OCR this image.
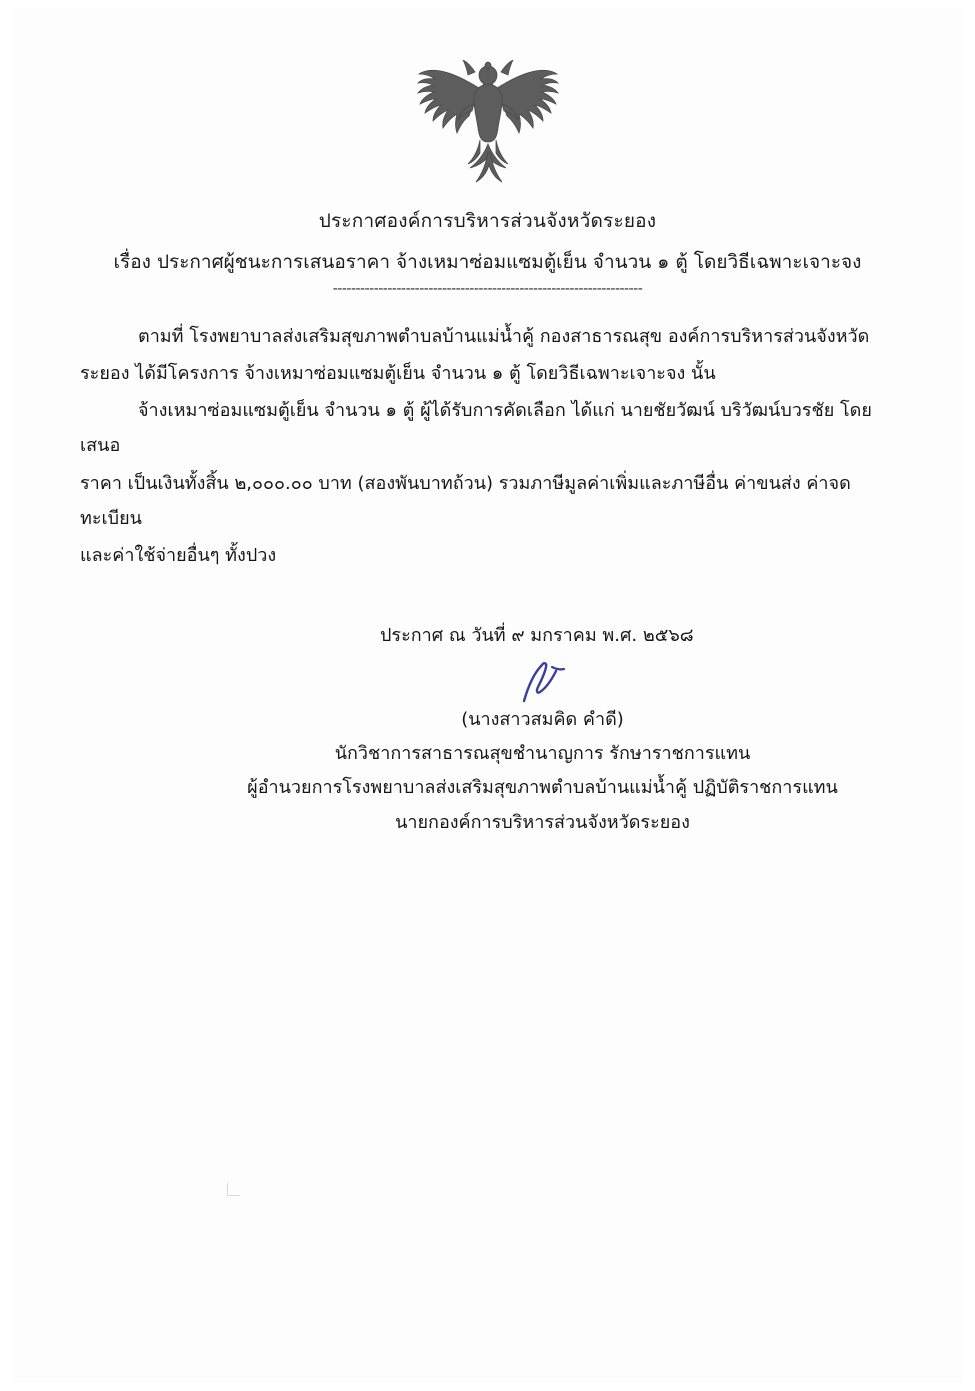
ประกาศองค์การบริหารส่วนจังหวัดระยอง
เรื่อง ประกาศผู้ชนะการเสนอราคา จ้างเหมาซ่อมแซมตู้เย็น จำนวน ๑ ตู้ โดยวิธีเฉพาะเจาะจง
--------------------------------------------------------------------
ตามที่ โรงพยาบาลส่งเสริมสุขภาพตำบลบ้านแม่น้ำคู้ กองสาธารณสุข องค์การบริหารส่วนจังหวัด
ระยอง ได้มีโครงการ จ้างเหมาซ่อมแซมตู้เย็น จำนวน ๑ ตู้ โดยวิธีเฉพาะเจาะจง นั้น
จ้างเหมาซ่อมแซมตู้เย็น จำนวน ๑ ตู้ ผู้ได้รับการคัดเลือก ได้แก่ นายชัยวัฒน์ บริวัฒน์บวรชัย โดยเสนอ
ราคา เป็นเงินทั้งสิ้น ๒,๐๐๐.๐๐ บาท (สองพันบาทถ้วน) รวมภาษีมูลค่าเพิ่มและภาษีอื่น ค่าขนส่ง ค่าจดทะเบียน
และค่าใช้จ่ายอื่นๆ ทั้งปวง
ประกาศ ณ วันที่ ๙ มกราคม พ.ศ. ๒๕๖๘
(นางสาวสมคิด คำดี)
นักวิชาการสาธารณสุขชำนาญการ รักษาราชการแทน
ผู้อำนวยการโรงพยาบาลส่งเสริมสุขภาพตำบลบ้านแม่น้ำคู้ ปฏิบัติราชการแทน
นายกองค์การบริหารส่วนจังหวัดระยอง
